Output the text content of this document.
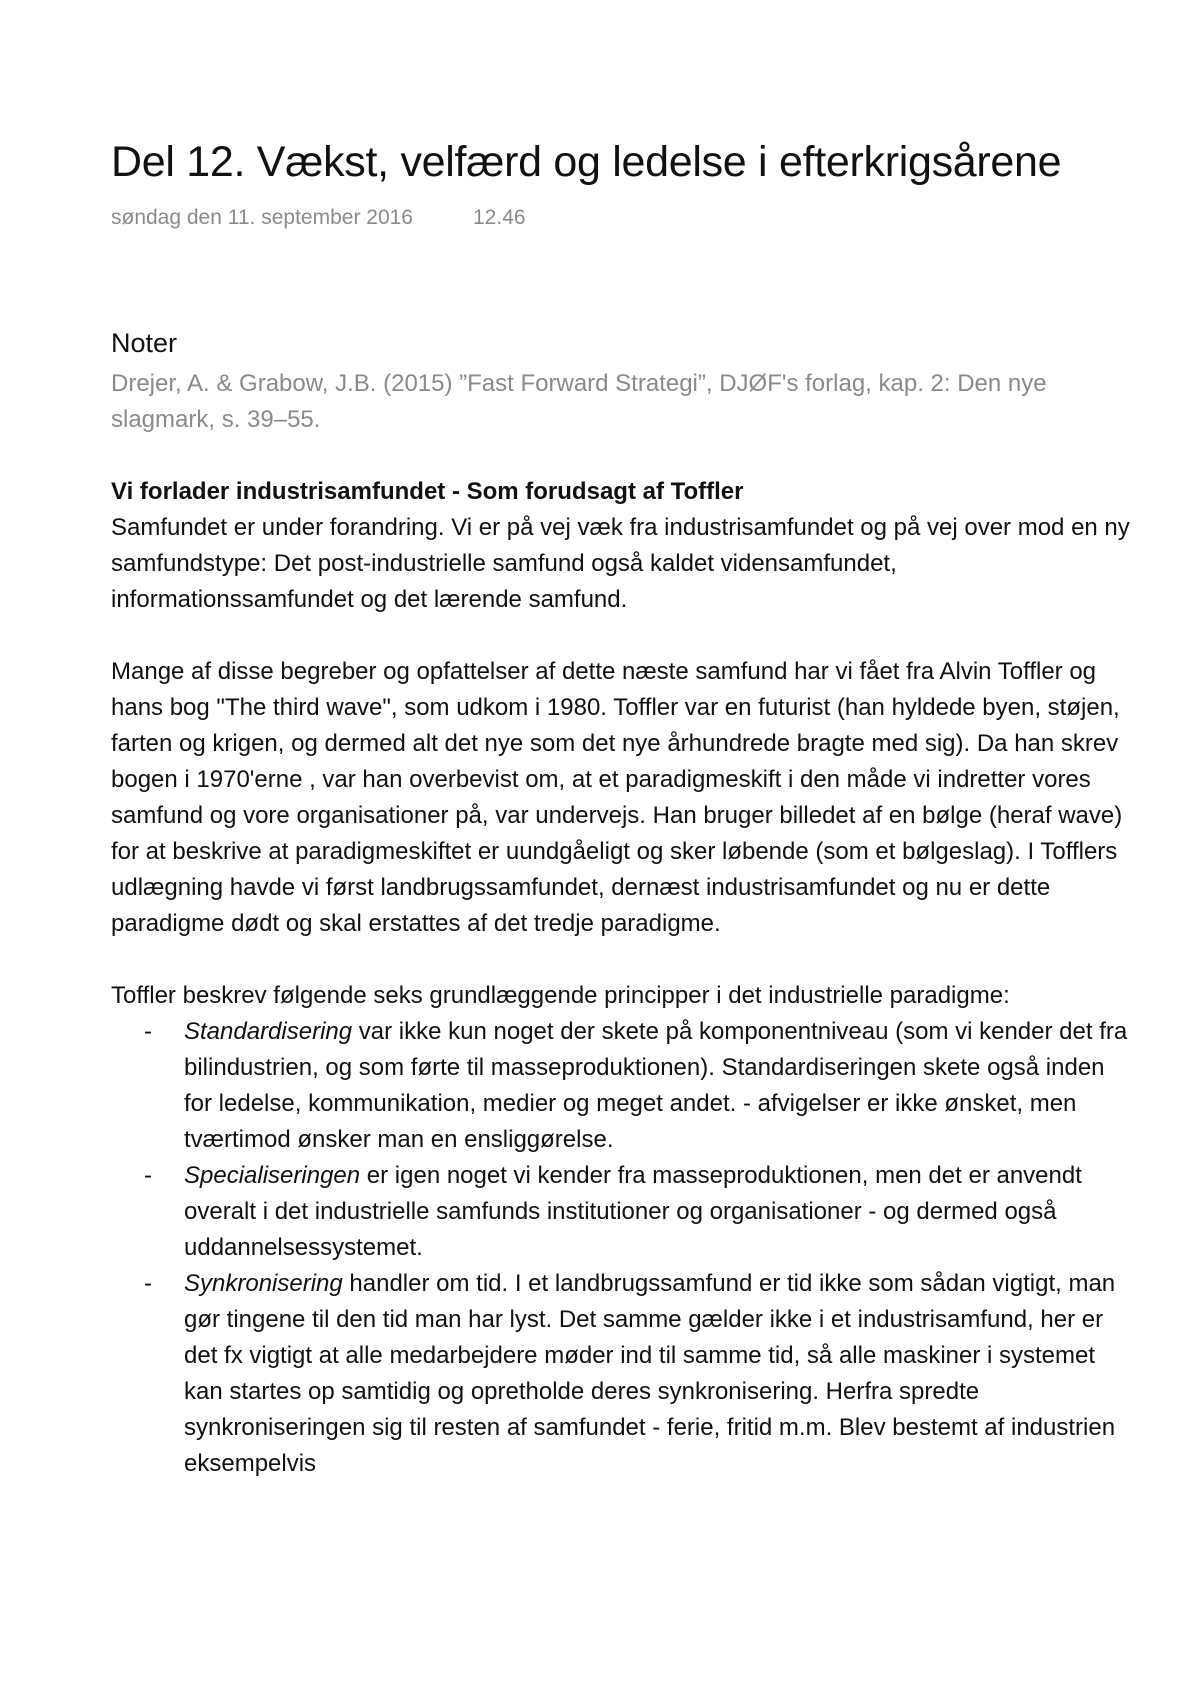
Del 12. Vækst, velfærd og ledelse i efterkrigsårene
søndag den 11. september 2016	12.46
Noter

Drejer, A. & Grabow, J.B. (2015) ”Fast Forward Strategi”, DJØF's forlag, kap. 2: Den nye slagmark, s. 39–55.

Vi forlader industrisamfundet - Som forudsagt af Toffler

Samfundet er under forandring. Vi er på vej væk fra industrisamfundet og på vej over mod en ny samfundstype: Det post-industrielle samfund også kaldet vidensamfundet, informationssamfundet og det lærende samfund.

Mange af disse begreber og opfattelser af dette næste samfund har vi fået fra Alvin Toffler og hans bog "The third wave", som udkom i 1980. Toffler var en futurist (han hyldede byen, støjen, farten og krigen, og dermed alt det nye som det nye århundrede bragte med sig). Da han skrev bogen i 1970'erne , var han overbevist om, at et paradigmeskift i den måde vi indretter vores samfund og vore organisationer på, var undervejs. Han bruger billedet af en bølge (heraf wave) for at beskrive at paradigmeskiftet er uundgåeligt og sker løbende (som et bølgeslag). I Tofflers udlægning havde vi først landbrugssamfundet, dernæst industrisamfundet og nu er dette paradigme dødt og skal erstattes af det tredje paradigme.

Toffler beskrev følgende seks grundlæggende principper i det industrielle paradigme:

- Standardisering var ikke kun noget der skete på komponentniveau (som vi kender det fra bilindustrien, og som førte til masseproduktionen). Standardiseringen skete også inden for ledelse, kommunikation, medier og meget andet. - afvigelser er ikke ønsket, men tværtimod ønsker man en ensliggørelse.
- Specialiseringen er igen noget vi kender fra masseproduktionen, men det er anvendt overalt i det industrielle samfunds institutioner og organisationer - og dermed også uddannelsessystemet.
- Synkronisering handler om tid. I et landbrugssamfund er tid ikke som sådan vigtigt, man gør tingene til den tid man har lyst. Det samme gælder ikke i et industrisamfund, her er det fx vigtigt at alle medarbejdere møder ind til samme tid, så alle maskiner i systemet kan startes op samtidig og opretholde deres synkronisering. Herfra spredte synkroniseringen sig til resten af samfundet - ferie, fritid m.m. Blev bestemt af industrien eksempelvis
